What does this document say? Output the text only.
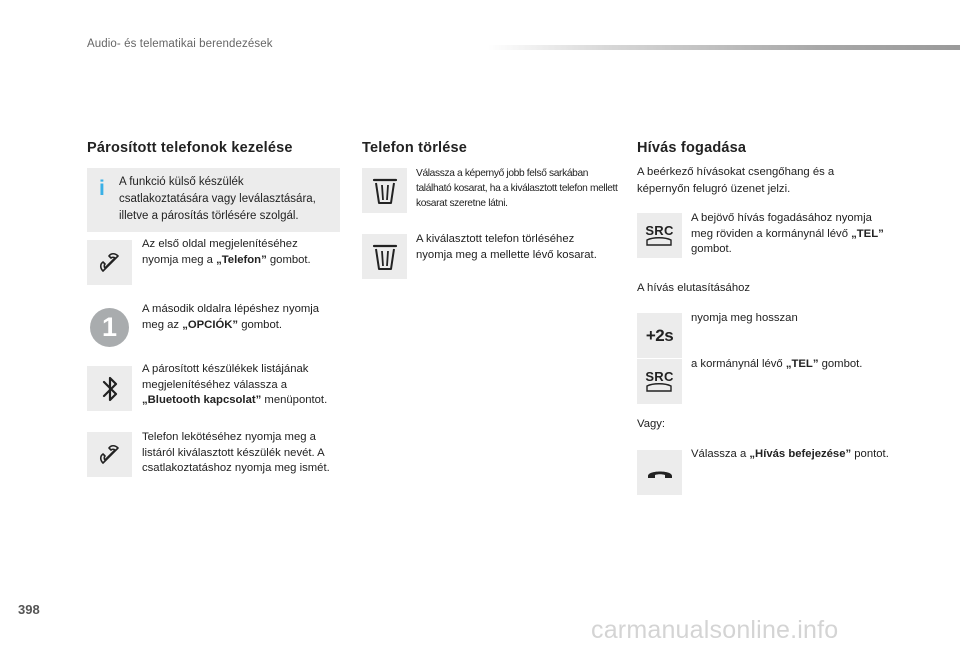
Audio- és telematikai berendezések
Párosított telefonok kezelése
i A funkció külső készülék csatlakoztatására vagy leválasztására, illetve a párosítás törlésére szolgál.
Az első oldal megjelenítéséhez nyomja meg a „Telefon” gombot.
1
A második oldalra lépéshez nyomja meg az „OPCIÓK” gombot.
A párosított készülékek listájának megjelenítéséhez válassza a „Bluetooth kapcsolat” menüpontot.
Telefon lekötéséhez nyomja meg a listáról kiválasztott készülék nevét. A csatlakoztatáshoz nyomja meg ismét.
Telefon törlése
Válassza a képernyő jobb felső sarkában található kosarat, ha a kiválasztott telefon mellett kosarat szeretne látni.
A kiválasztott telefon törléséhez nyomja meg a mellette lévő kosarat.
Hívás fogadása
A beérkező hívásokat csengőhang és a képernyőn felugró üzenet jelzi.
SRC
A bejövő hívás fogadásához nyomja meg röviden a kormánynál lévő „TEL” gombot.
A hívás elutasításához
+2s
nyomja meg hosszan
SRC
a kormánynál lévő „TEL” gombot.
Vagy:
Válassza a „Hívás befejezése” pontot.
398
carmanualsonline.info
